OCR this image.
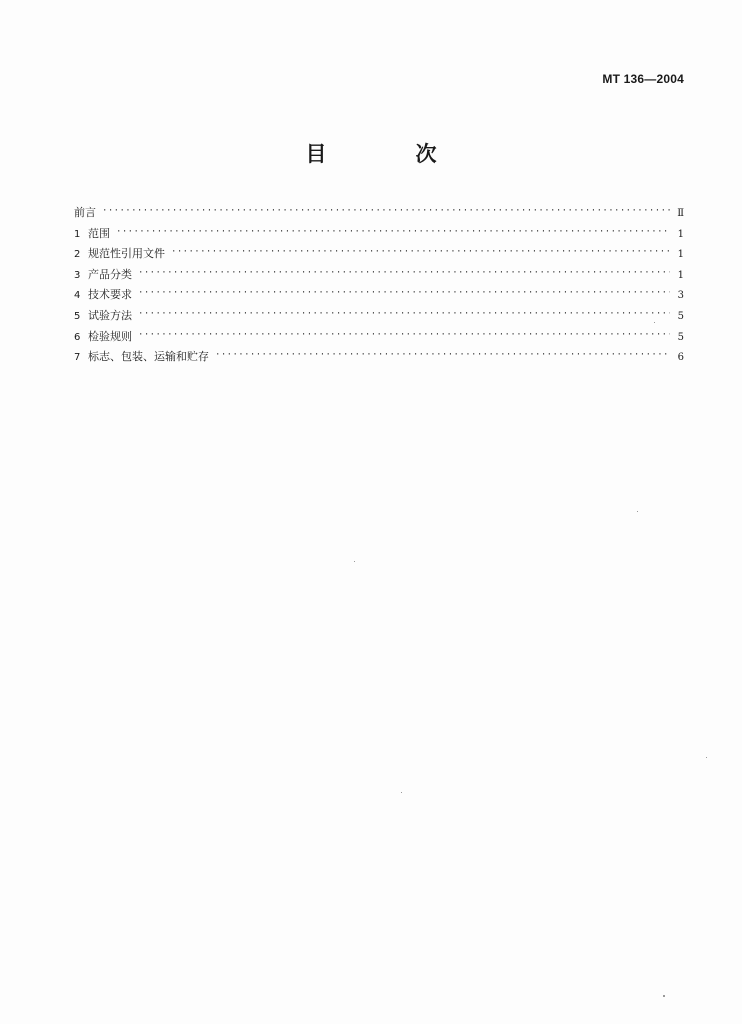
MT 136—2004
目　次
前言 ·····	Ⅱ
1 范围 ·····	1
2 规范性引用文件 ·····	1
3 产品分类 ·····	1
4 技术要求 ·····	3
5 试验方法 ·····	5
6 检验规则 ·····	5
7 标志、包装、运输和贮存 ·····	6
